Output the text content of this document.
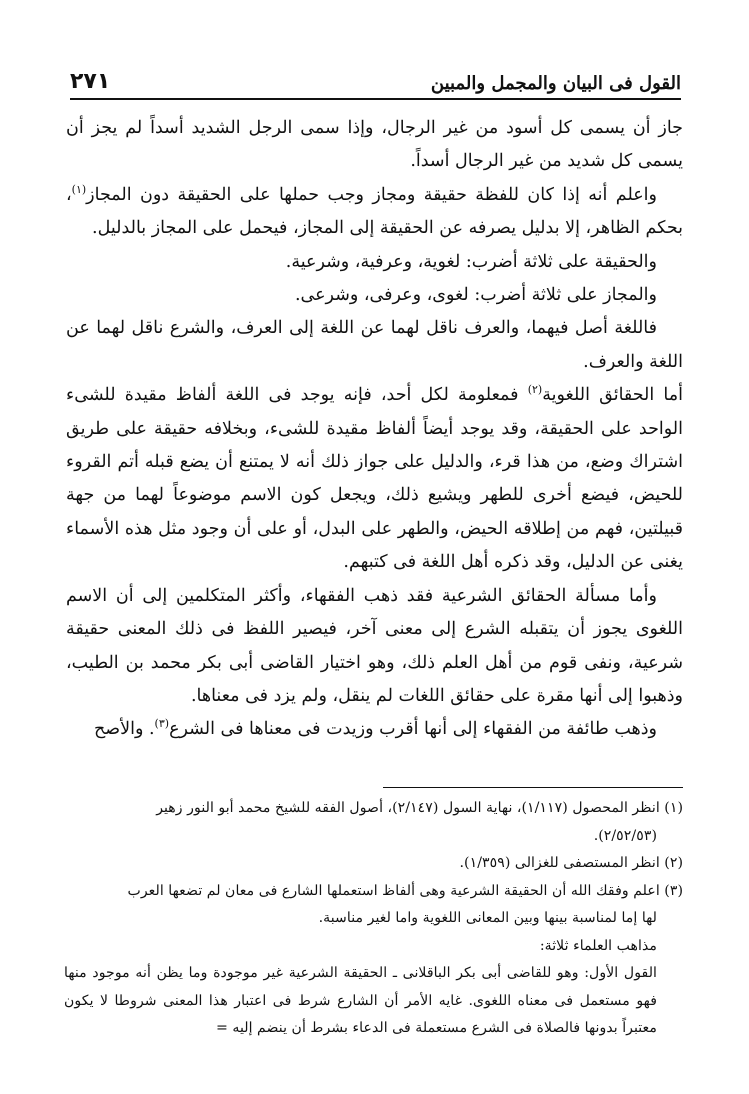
٢٧١	القول فى البيان والمجمل والمبين

جاز أن يسمى كل أسود من غير الرجال، وإذا سمى الرجل الشديد أسداً لم يجز أن يسمى كل شديد من غير الرجال أسداً.

واعلم أنه إذا كان للفظة حقيقة ومجاز وجب حملها على الحقيقة دون المجاز$^{(١)}$، بحكم الظاهر، إلا بدليل يصرفه عن الحقيقة إلى المجاز، فيحمل على المجاز بالدليل.

والحقيقة على ثلاثة أضرب: لغوية، وعرفية، وشرعية.

والمجاز على ثلاثة أضرب: لغوى، وعرفى، وشرعى.

فاللغة أصل فيهما، والعرف ناقل لهما عن اللغة إلى العرف، والشرع ناقل لهما عن اللغة والعرف.

أما الحقائق اللغوية$^{(٢)}$ فمعلومة لكل أحد، فإنه يوجد فى اللغة ألفاظ مقيدة للشىء الواحد على الحقيقة، وقد يوجد أيضاً ألفاظ مقيدة للشىء، وبخلافه حقيقة على طريق اشتراك وضع، من هذا قرء، والدليل على جواز ذلك أنه لا يمتنع أن يضع قبله أتم القروء للحيض، فيضع أخرى للطهر ويشيع ذلك، ويجعل كون الاسم موضوعاً لهما من جهة قبيلتين، فهم من إطلاقه الحيض، والطهر على البدل، أو على أن وجود مثل هذه الأسماء يغنى عن الدليل، وقد ذكره أهل اللغة فى كتبهم.

وأما مسألة الحقائق الشرعية فقد ذهب الفقهاء، وأكثر المتكلمين إلى أن الاسم اللغوى يجوز أن يتقبله الشرع إلى معنى آخر، فيصير اللفظ فى ذلك المعنى حقيقة شرعية، ونفى قوم من أهل العلم ذلك، وهو اختيار القاضى أبى بكر محمد بن الطيب، وذهبوا إلى أنها مقرة على حقائق اللغات لم ينقل، ولم يزد فى معناها.

وذهب طائفة من الفقهاء إلى أنها أقرب وزيدت فى معناها فى الشرع$^{(٣)}$. والأصح

(١) انظر المحصول (١/١١٧)، نهاية السول (٢/١٤٧)، أصول الفقه للشيخ محمد أبو النور زهير

(٢/٥٢/٥٣).

(٢) انظر المستصفى للغزالى (١/٣٥٩).

(٣) اعلم وفقك الله أن الحقيقة الشرعية وهى ألفاظ استعملها الشارع فى معان لم تضعها العرب

لها إما لمناسبة بينها وبين المعانى اللغوية واما لغير مناسبة.

مذاهب العلماء ثلاثة:

القول الأول: وهو للقاضى أبى بكر الباقلانى ـ الحقيقة الشرعية غير موجودة وما يظن أنه موجود منها فهو مستعمل فى معناه اللغوى. غايه الأمر أن الشارع شرط فى اعتبار هذا المعنى شروطا لا يكون معتبراً بدونها فالصلاة فى الشرع مستعملة فى الدعاء بشرط أن ينضم إليه =
